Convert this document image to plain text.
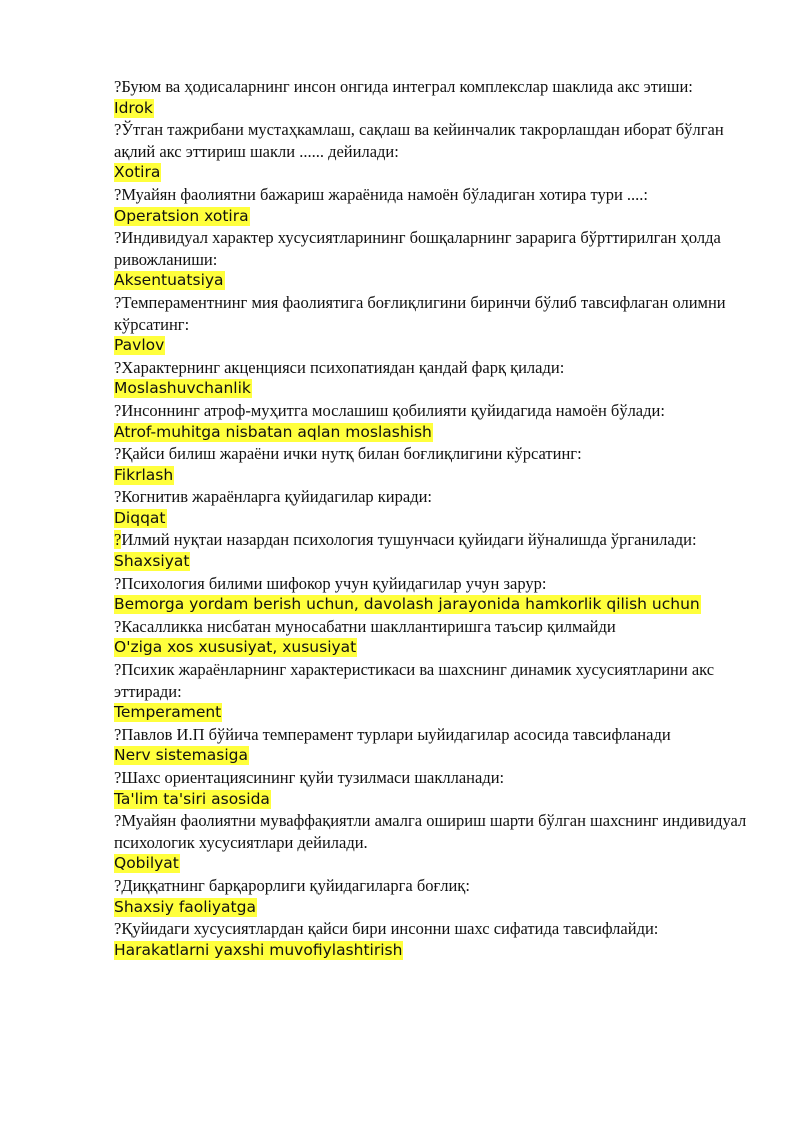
?Буюм ва ҳодисаларнинг инсон онгида интеграл комплекслар шаклида акс этиши:

Idrok

?Ўтган тажрибани мустаҳкамлаш, сақлаш ва кейинчалик такрорлашдан иборат бўлган ақлий акс эттириш шакли ...... дейилади:

Xotira

?Муайян фаолиятни бажариш жараёнида намоён бўладиган хотира тури ....:

Operatsion xotira

?Индивидуал характер хусусиятларининг бошқаларнинг зарарига бўрттирилган ҳолда ривожланиши:

Aksentuatsiya

?Темпераментнинг мия фаолиятига боғлиқлигини биринчи бўлиб тавсифлаган олимни кўрсатинг:

Pavlov

?Характернинг акценцияси психопатиядан қандай фарқ қилади:

Moslashuvchanlik

?Инсоннинг атроф-муҳитга мослашиш қобилияти қуйидагида намоён бўлади:

Atrof-muhitga nisbatan aqlan moslashish

?Қайси билиш жараёни ички нутқ билан боғлиқлигини кўрсатинг:

Fikrlash

?Когнитив жараёнларга қуйидагилар киради:

Diqqat

?Илмий нуқтаи назардан психология тушунчаси қуйидаги йўналишда ўрганилади:

Shaxsiyat

?Психология билими шифокор учун қуйидагилар учун зарур:

Bemorga yordam berish uchun, davolash jarayonida hamkorlik qilish uchun

?Касалликка нисбатан муносабатни шакллантиришга таъсир қилмайди

O'ziga xos xususiyat, xususiyat

?Психик жараёнларнинг характеристикаси ва шахснинг динамик хусусиятларини акс эттиради:

Temperament

?Павлов И.П бўйича темперамент турлари ыуйидагилар асосида тавсифланади

Nerv sistemasiga

?Шахс ориентациясининг қуйи тузилмаси шаклланади:

Ta'lim ta'siri asosida

?Муайян фаолиятни муваффақиятли амалга ошириш шарти бўлган шахснинг индивидуал психологик хусусиятлари дейилади.

Qobilyat

?Диққатнинг барқарорлиги қуйидагиларга боғлиқ:

Shaxsiy faoliyatga

?Қуйидаги хусусиятлардан қайси бири инсонни шахс сифатида тавсифлайди:

Harakatlarni yaxshi muvofiylashtirish
